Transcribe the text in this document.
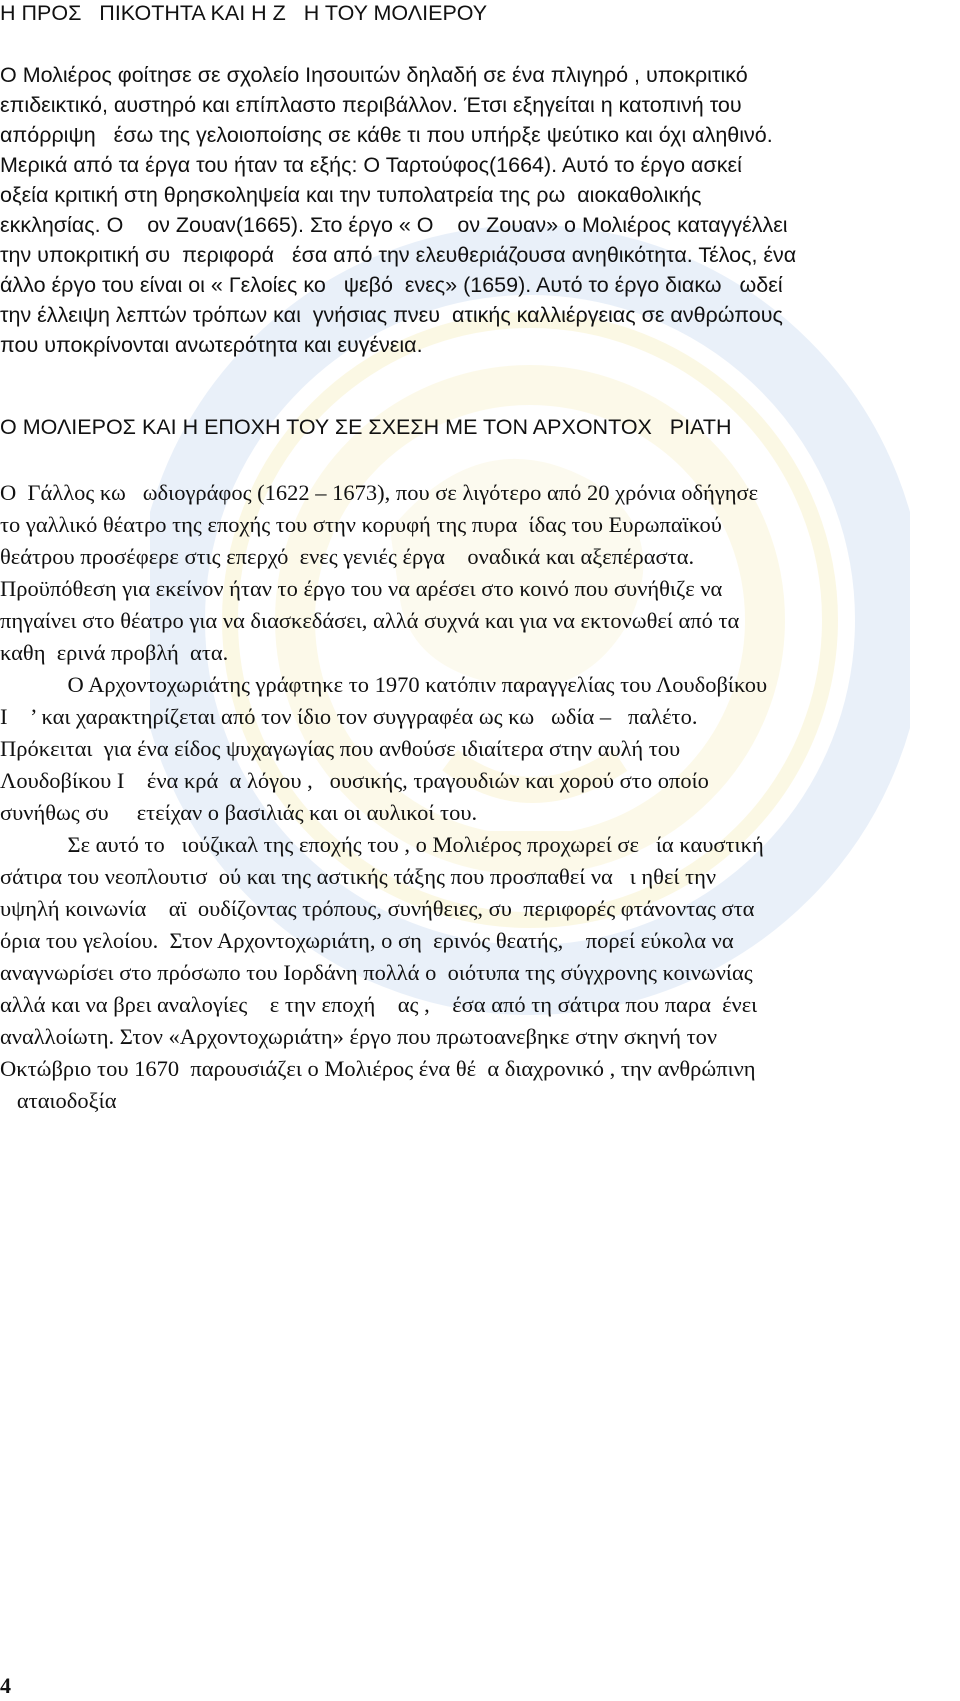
Η ΠΡΟΣ   ΠΙΚΟΤΗΤΑ ΚΑΙ Η Ζ   Η ΤΟΥ ΜΟΛΙΕΡΟΥ
Ο Μολιέρος φοίτησε σε σχολείο Ιησουιτών δηλαδή σε ένα πλιγηρό , υποκριτικό
επιδεικτικό, αυστηρό και επίπλαστο περιβάλλον. Έτσι εξηγείται η κατοπινή του
απόρριψη   έσω της γελοιοποίσης σε κάθε τι που υπήρξε ψεύτικο και όχι αληθινό.
Μερικά από τα έργα του ήταν τα εξής: Ο Ταρτούφος(1664). Αυτό το έργο ασκεί
οξεία κριτική στη θρησκοληψεία και την τυπολατρεία της ρω  αιοκαθολικής
εκκλησίας. Ο    ον Ζουαν(1665). Στο έργο « Ο    ον Ζουαν» ο Μολιέρος καταγγέλλει
την υποκριτική συ  περιφορά   έσα από την ελευθεριάζουσα ανηθικότητα. Τέλος, ένα
άλλο έργο του είναι οι « Γελοίες κο   ψεβό  ενες» (1659). Αυτό το έργο διακω   ωδεί
την έλλειψη λεπτών τρόπων και  γνήσιας πνευ  ατικής καλλιέργειας σε ανθρώπους
που υποκρίνονται ανωτερότητα και ευγένεια.
Ο ΜΟΛΙΕΡΟΣ ΚΑΙ Η ΕΠΟΧΗ ΤΟΥ ΣΕ ΣΧΕΣΗ ΜΕ ΤΟΝ ΑΡΧΟΝΤΟΧ   ΡΙΑΤΗ
Ο  Γάλλος κω   ωδιογράφος (1622 – 1673), που σε λιγότερο από 20 χρόνια οδήγησε
το γαλλικό θέατρο της εποχής του στην κορυφή της πυρα  ίδας του Ευρωπαϊκού
θεάτρου προσέφερε στις επερχό  ενες γενιές έργα    οναδικά και αξεπέραστα.
Προϋπόθεση για εκείνον ήταν το έργο του να αρέσει στο κοινό που συνήθιζε να
πηγαίνει στο θέατρο για να διασκεδάσει, αλλά συχνά και για να εκτονωθεί από τα
καθη  ερινά προβλή  ατα.
Ο Αρχοντοχωριάτης γράφτηκε το 1970 κατόπιν παραγγελίας του Λουδοβίκου
Ι    ’ και χαρακτηρίζεται από τον ίδιο τον συγγραφέα ως κω   ωδία –   παλέτο.
Πρόκειται  για ένα είδος ψυχαγωγίας που ανθούσε ιδιαίτερα στην αυλή του
Λουδοβίκου Ι    ένα κρά  α λόγου ,   ουσικής, τραγουδιών και χορού στο οποίο
συνήθως συ     ετείχαν ο βασιλιάς και οι αυλικοί του.
Σε αυτό το   ιούζικαλ της εποχής του , ο Μολιέρος προχωρεί σε   ία καυστική
σάτιρα του νεοπλουτισ  ού και της αστικής τάξης που προσπαθεί να   ι ηθεί την
υψηλή κοινωνία    αϊ  ουδίζοντας τρόπους, συνήθειες, συ  περιφορές φτάνοντας στα
όρια του γελοίου.  Στον Αρχοντοχωριάτη, ο ση  ερινός θεατής,    πορεί εύκολα να
αναγνωρίσει στο πρόσωπο του Ιορδάνη πολλά ο  οιότυπα της σύγχρονης κοινωνίας
αλλά και να βρει αναλογίες    ε την εποχή    ας ,    έσα από τη σάτιρα που παρα  ένει
αναλλοίωτη. Στον «Αρχοντοχωριάτη» έργο που πρωτοανεβηκε στην σκηνή τον
Οκτώβριο του 1670  παρουσιάζει ο Μολιέρος ένα θέ  α διαχρονικό , την ανθρώπινη
αταιοδοξία
4
